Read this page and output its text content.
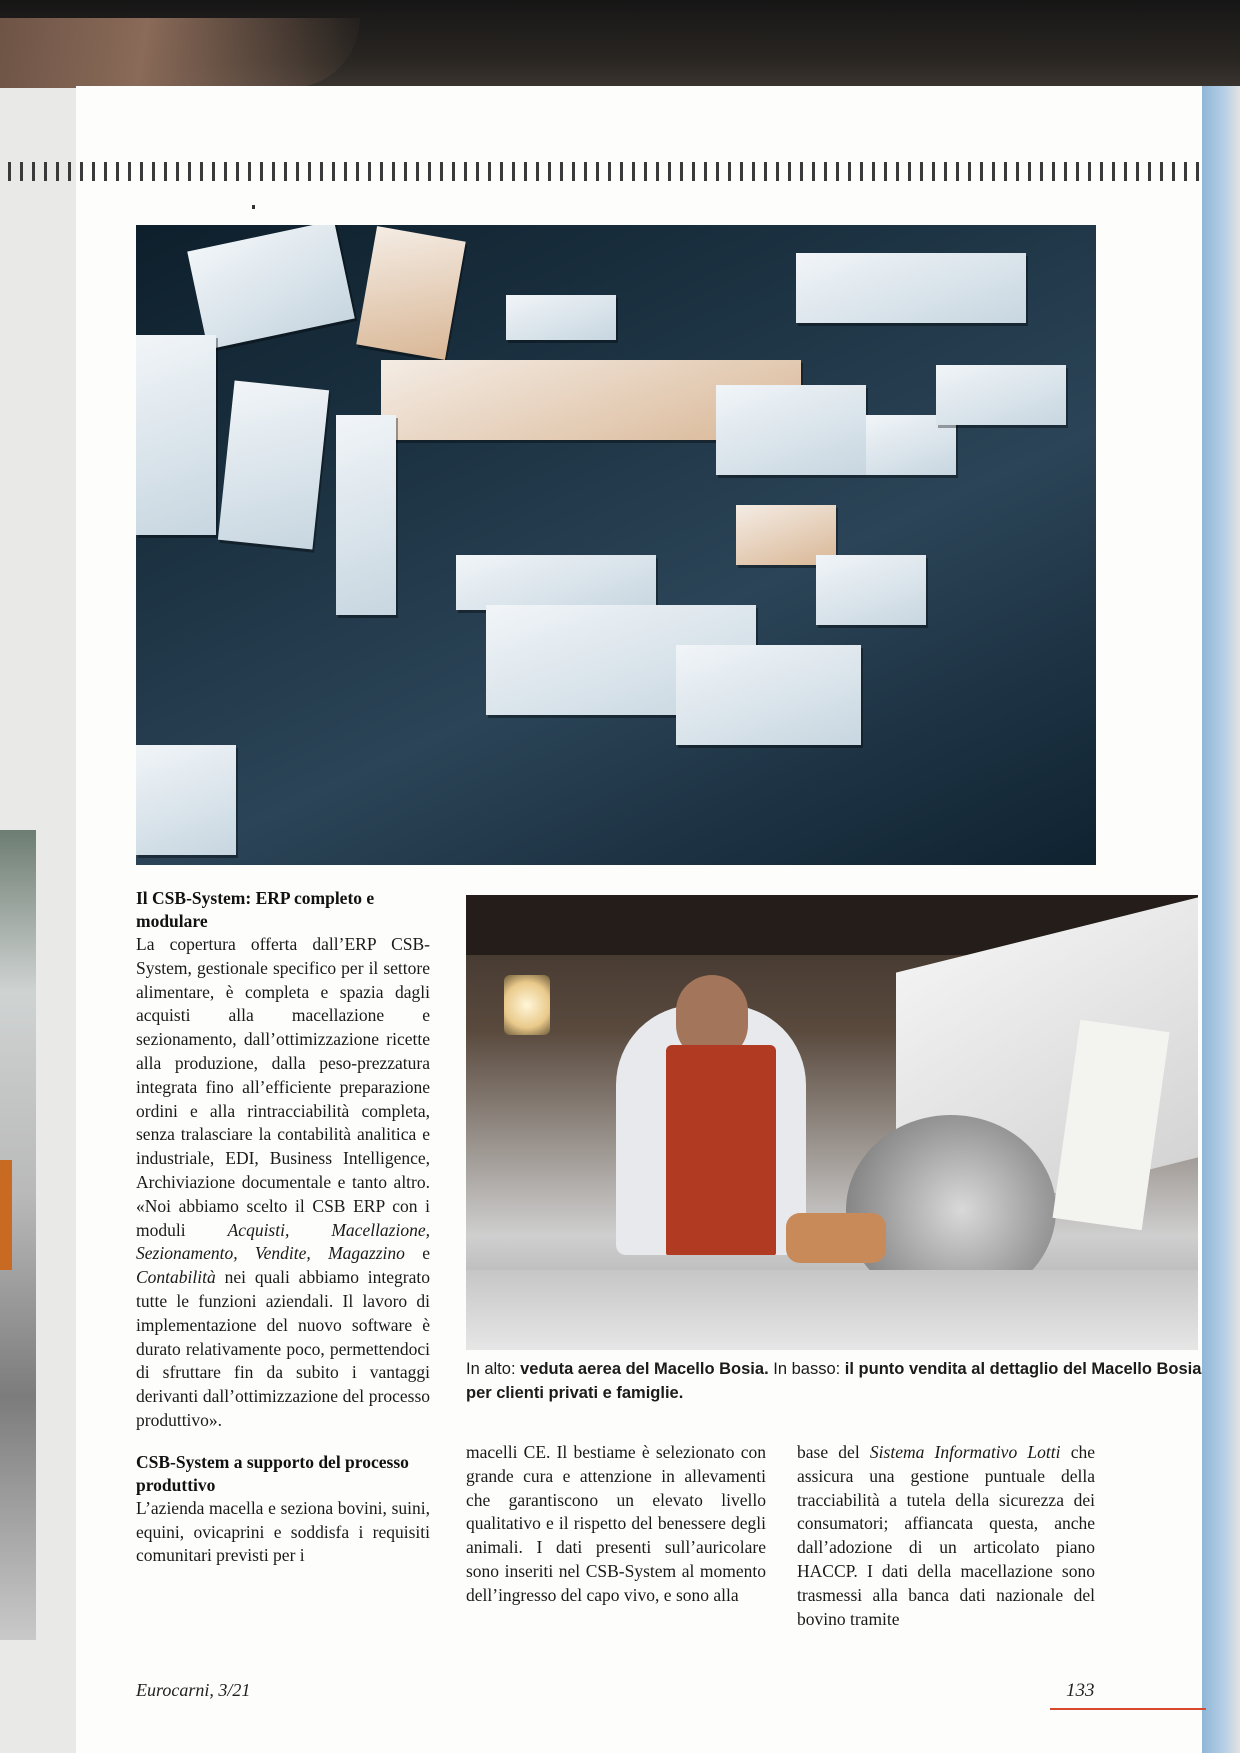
Il CSB-System: ERP completo e modulare

La copertura offerta dall’ERP CSB-System, gestionale specifico per il settore alimentare, è completa e spazia dagli acquisti alla macellazione e sezionamento, dall’ottimizzazione ricette alla produzione, dalla peso-prezzatura integrata fino all’efficiente preparazione ordini e alla rintracciabilità completa, senza tralasciare la contabilità analitica e industriale, EDI, Business Intelligence, Archiviazione documentale e tanto altro. «Noi abbiamo scelto il CSB ERP con i moduli Acquisti, Macellazione, Sezionamento, Vendite, Magazzino e Contabilità nei quali abbiamo integrato tutte le funzioni aziendali. Il lavoro di implementazione del nuovo software è durato relativamente poco, permettendoci di sfruttare fin da subito i vantaggi derivanti dall’ottimizzazione del processo produttivo».

CSB-System a supporto del processo produttivo

L’azienda macella e seziona bovini, suini, equini, ovicaprini e soddisfa i requisiti comunitari previsti per i

In alto: veduta aerea del Macello Bosia. In basso: il punto vendita al dettaglio del Macello Bosia per clienti privati e famiglie.

macelli CE. Il bestiame è selezionato con grande cura e attenzione in allevamenti che garantiscono un elevato livello qualitativo e il rispetto del benessere degli animali. I dati presenti sull’auricolare sono inseriti nel CSB-System al momento dell’ingresso del capo vivo, e sono alla

base del Sistema Informativo Lotti che assicura una gestione puntuale della tracciabilità a tutela della sicurezza dei consumatori; affiancata questa, anche dall’adozione di un articolato piano HACCP. I dati della macellazione sono trasmessi alla banca dati nazionale del bovino tramite

Eurocarni, 3/21	133
